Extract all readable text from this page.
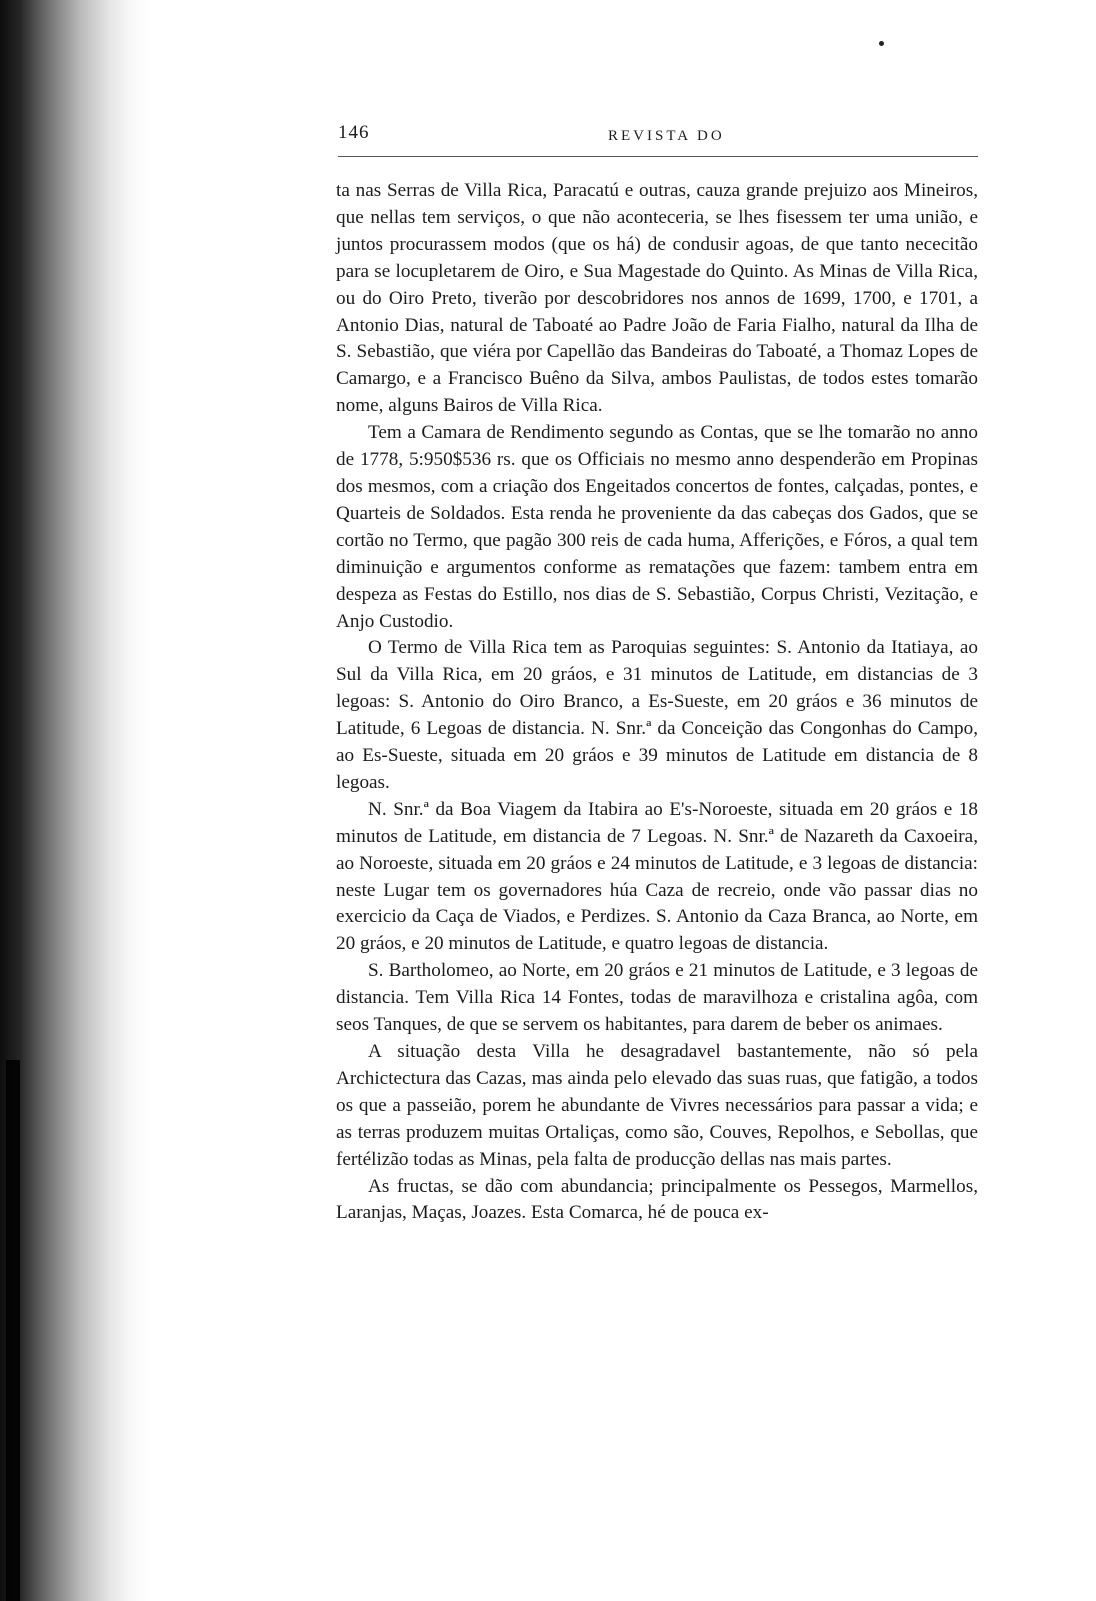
146	REVISTA DO

ta nas Serras de Villa Rica, Paracatú e outras, cauza grande prejuizo aos Mineiros, que nellas tem serviços, o que não aconteceria, se lhes fisessem ter uma união, e juntos procurassem modos (que os há) de condusir agoas, de que tanto nececitão para se locupletarem de Oiro, e Sua Magestade do Quinto. As Minas de Villa Rica, ou do Oiro Preto, tiverão por descobridores nos annos de 1699, 1700, e 1701, a Antonio Dias, natural de Taboaté ao Padre João de Faria Fialho, natural da Ilha de S. Sebastião, que viéra por Capellão das Bandeiras do Taboaté, a Thomaz Lopes de Camargo, e a Francisco Buêno da Silva, ambos Paulistas, de todos estes tomarão nome, alguns Bairos de Villa Rica.

Tem a Camara de Rendimento segundo as Contas, que se lhe tomarão no anno de 1778, 5:950$536 rs. que os Officiais no mesmo anno despenderão em Propinas dos mesmos, com a criação dos Engeitados concertos de fontes, calçadas, pontes, e Quarteis de Soldados. Esta renda he proveniente da das cabeças dos Gados, que se cortão no Termo, que pagão 300 reis de cada huma, Afferições, e Fóros, a qual tem diminuição e argumentos conforme as rematações que fazem: tambem entra em despeza as Festas do Estillo, nos dias de S. Sebastião, Corpus Christi, Vezitação, e Anjo Custodio.

O Termo de Villa Rica tem as Paroquias seguintes: S. Antonio da Itatiaya, ao Sul da Villa Rica, em 20 gráos, e 31 minutos de Latitude, em distancias de 3 legoas: S. Antonio do Oiro Branco, a Es-Sueste, em 20 gráos e 36 minutos de Latitude, 6 Legoas de distancia. N. Snr.ª da Conceição das Congonhas do Campo, ao Es-Sueste, situada em 20 gráos e 39 minutos de Latitude em distancia de 8 legoas.

N. Snr.ª da Boa Viagem da Itabira ao E's-Noroeste, situada em 20 gráos e 18 minutos de Latitude, em distancia de 7 Legoas. N. Snr.ª de Nazareth da Caxoeira, ao Noroeste, situada em 20 gráos e 24 minutos de Latitude, e 3 legoas de distancia: neste Lugar tem os governadores húa Caza de recreio, onde vão passar dias no exercicio da Caça de Viados, e Perdizes. S. Antonio da Caza Branca, ao Norte, em 20 gráos, e 20 minutos de Latitude, e quatro legoas de distancia.

S. Bartholomeo, ao Norte, em 20 gráos e 21 minutos de Latitude, e 3 legoas de distancia. Tem Villa Rica 14 Fontes, todas de maravilhoza e cristalina agôa, com seos Tanques, de que se servem os habitantes, para darem de beber os animaes.

A situação desta Villa he desagradavel bastantemente, não só pela Archictectura das Cazas, mas ainda pelo elevado das suas ruas, que fatigão, a todos os que a passeião, porem he abundante de Vivres necessários para passar a vida; e as terras produzem muitas Ortaliças, como são, Couves, Repolhos, e Sebollas, que fertélizão todas as Minas, pela falta de producção dellas nas mais partes.

As fructas, se dão com abundancia; principalmente os Pessegos, Marmellos, Laranjas, Maças, Joazes. Esta Comarca, hé de pouca ex-
